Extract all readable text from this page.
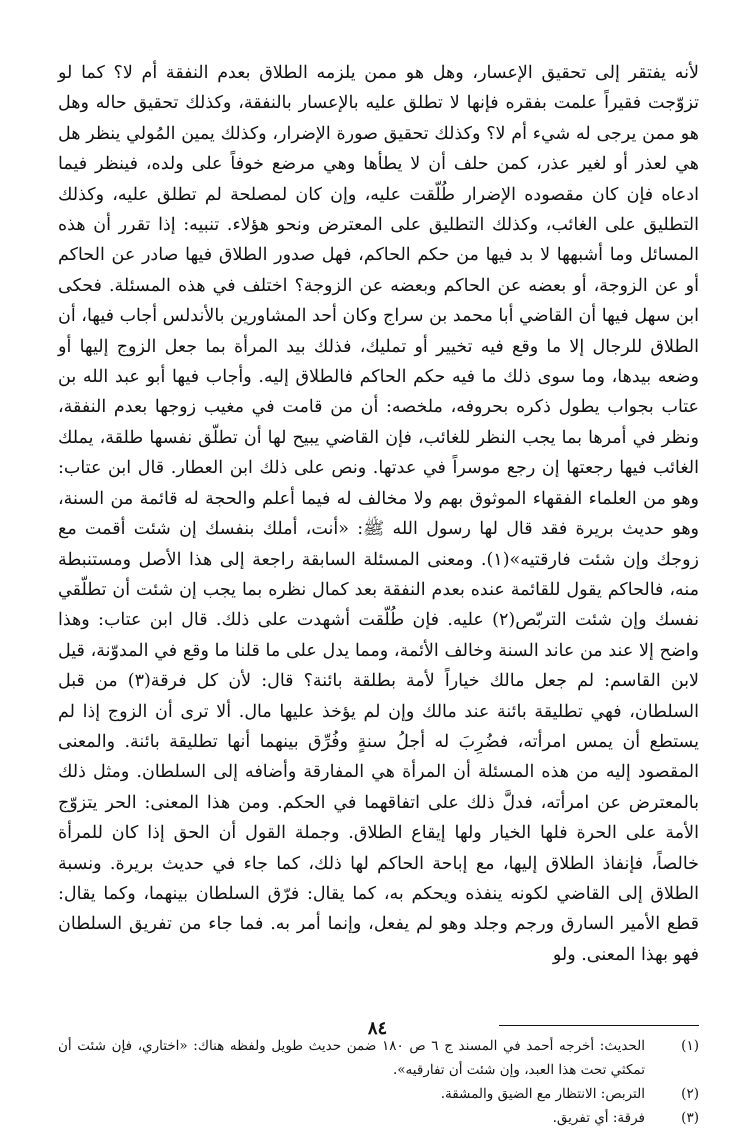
لأنه يفتقر إلى تحقيق الإعسار، وهل هو ممن يلزمه الطلاق بعدم النفقة أم لا؟ كما لو تزوّجت فقيراً علمت بفقره فإنها لا تطلق عليه بالإعسار بالنفقة، وكذلك تحقيق حاله وهل هو ممن يرجى له شيء أم لا؟ وكذلك تحقيق صورة الإضرار، وكذلك يمين المُولي ينظر هل هي لعذر أو لغير عذر، كمن حلف أن لا يطأها وهي مرضع خوفاً على ولده، فينظر فيما ادعاه فإن كان مقصوده الإضرار طُلّقت عليه، وإن كان لمصلحة لم تطلق عليه، وكذلك التطليق على الغائب، وكذلك التطليق على المعترض ونحو هؤلاء. تنبيه: إذا تقرر أن هذه المسائل وما أشبهها لا بد فيها من حكم الحاكم، فهل صدور الطلاق فيها صادر عن الحاكم أو عن الزوجة، أو بعضه عن الحاكم وبعضه عن الزوجة؟ اختلف في هذه المسئلة. فحكى ابن سهل فيها أن القاضي أبا محمد بن سراج وكان أحد المشاورين بالأندلس أجاب فيها، أن الطلاق للرجال إلا ما وقع فيه تخيير أو تمليك، فذلك بيد المرأة بما جعل الزوج إليها أو وضعه بيدها، وما سوى ذلك ما فيه حكم الحاكم فالطلاق إليه. وأجاب فيها أبو عبد الله بن عتاب بجواب يطول ذكره بحروفه، ملخصه: أن من قامت في مغيب زوجها بعدم النفقة، ونظر في أمرها بما يجب النظر للغائب، فإن القاضي يبيح لها أن تطلّق نفسها طلقة، يملك الغائب فيها رجعتها إن رجع موسراً في عدتها. ونص على ذلك ابن العطار. قال ابن عتاب: وهو من العلماء الفقهاء الموثوق بهم ولا مخالف له فيما أعلم والحجة له قائمة من السنة، وهو حديث بريرة فقد قال لها رسول الله ﷺ: «أنت، أملك بنفسك إن شئت أقمت مع زوجك وإن شئت فارقتيه»(١). ومعنى المسئلة السابقة راجعة إلى هذا الأصل ومستنبطة منه، فالحاكم يقول للقائمة عنده بعدم النفقة بعد كمال نظره بما يجب إن شئت أن تطلّقي نفسك وإن شئت التربّص(٢) عليه. فإن طُلّقت أشهدت على ذلك. قال ابن عتاب: وهذا واضح إلا عند من عاند السنة وخالف الأئمة، ومما يدل على ما قلنا ما وقع في المدوّنة، قيل لابن القاسم: لم جعل مالك خياراً لأمة بطلقة بائنة؟ قال: لأن كل فرقة(٣) من قبل السلطان، فهي تطليقة بائنة عند مالك وإن لم يؤخذ عليها مال. ألا ترى أن الزوج إذا لم يستطع أن يمس امرأته، فضُرِبَ له أجلُ سنةٍ وفُرِّق بينهما أنها تطليقة بائنة. والمعنى المقصود إليه من هذه المسئلة أن المرأة هي المفارقة وأضافه إلى السلطان. ومثل ذلك بالمعترض عن امرأته، فدلَّ ذلك على اتفاقهما في الحكم. ومن هذا المعنى: الحر يتزوّج الأمة على الحرة فلها الخيار ولها إيقاع الطلاق. وجملة القول أن الحق إذا كان للمرأة خالصاً، فإنفاذ الطلاق إليها، مع إباحة الحاكم لها ذلك، كما جاء في حديث بريرة. ونسبة الطلاق إلى القاضي لكونه ينفذه ويحكم به، كما يقال: فرّق السلطان بينهما، وكما يقال: قطع الأمير السارق ورجم وجلد وهو لم يفعل، وإنما أمر به. فما جاء من تفريق السلطان فهو بهذا المعنى. ولو

(١)
الحديث: أخرجه أحمد في المسند ج ٦ ص ١٨٠ ضمن حديث طويل ولفظه هناك: «اختاري، فإن شئت أن تمكثي تحت هذا العبد، وإن شئت أن تفارقيه».
(٢)
التربص: الانتظار مع الضيق والمشقة.
(٣)
فرقة: أي تفريق.
٨٤
